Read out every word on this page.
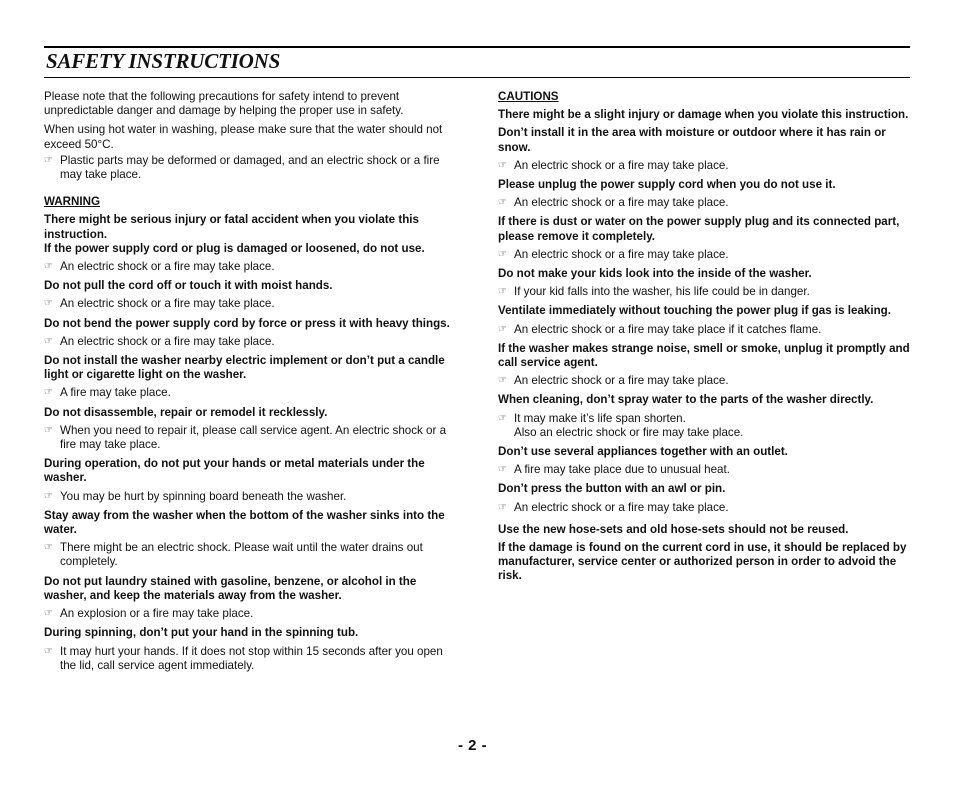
SAFETY INSTRUCTIONS

Please note that the following precautions for safety intend to prevent unpredictable danger and damage by helping the proper use in safety.

When using hot water in washing, please make sure that the water should not exceed 50°C.

☞ Plastic parts may be deformed or damaged, and an electric shock or a fire may take place.
WARNING
There might be serious injury or fatal accident when you violate this instruction.
If the power supply cord or plug is damaged or loosened, do not use.
☞ An electric shock or a fire may take place.
Do not pull the cord off or touch it with moist hands.
☞ An electric shock or a fire may take place.
Do not bend the power supply cord by force or press it with heavy things.
☞ An electric shock or a fire may take place.
Do not install the washer nearby electric implement or don’t put a candle light or cigarette light on the washer.
☞ A fire may take place.
Do not disassemble, repair or remodel it recklessly.
☞ When you need to repair it, please call service agent. An electric shock or a fire may take place.
During operation, do not put your hands or metal materials under the washer.
☞ You may be hurt by spinning board beneath the washer.
Stay away from the washer when the bottom of the washer sinks into the water.
☞ There might be an electric shock. Please wait until the water drains out completely.
Do not put laundry stained with gasoline, benzene, or alcohol in the washer, and keep the materials away from the washer.
☞ An explosion or a fire may take place.
During spinning, don’t put your hand in the spinning tub.
☞ It may hurt your hands. If it does not stop within 15 seconds after you open the lid, call service agent immediately.
CAUTIONS
There might be a slight injury or damage when you violate this instruction.
Don’t install it in the area with moisture or outdoor where it has rain or snow.
☞ An electric shock or a fire may take place.
Please unplug the power supply cord when you do not use it.
☞ An electric shock or a fire may take place.
If there is dust or water on the power supply plug and its connected part, please remove it completely.
☞ An electric shock or a fire may take place.
Do not make your kids look into the inside of the washer.
☞ If your kid falls into the washer, his life could be in danger.
Ventilate immediately without touching the power plug if gas is leaking.
☞ An electric shock or a fire may take place if it catches flame.
If the washer makes strange noise, smell or smoke, unplug it promptly and call service agent.
☞ An electric shock or a fire may take place.
When cleaning, don’t spray water to the parts of the washer directly.
☞ It may make it’s life span shorten.
Also an electric shock or fire may take place.
Don’t use several appliances together with an outlet.
☞ A fire may take place due to unusual heat.
Don’t press the button with an awl or pin.
☞ An electric shock or a fire may take place.
Use the new hose-sets and old hose-sets should not be reused.
If the damage is found on the current cord in use, it should be replaced by manufacturer, service center or authorized person in order to advoid the risk.
- 2 -
